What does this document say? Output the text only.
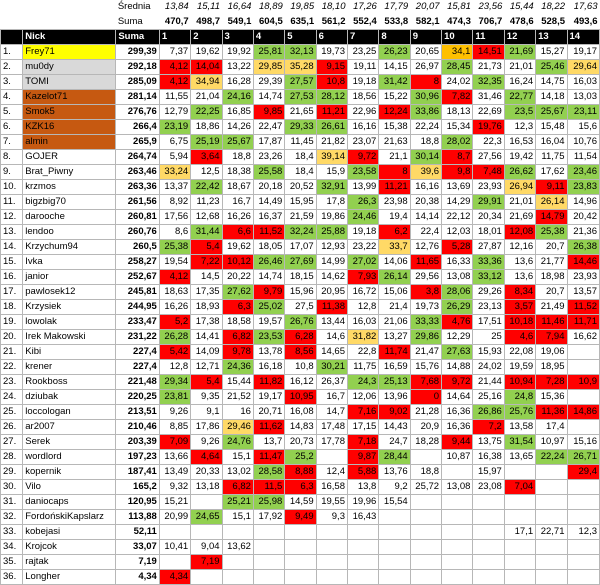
		Średnia	13,84	15,11	16,64	18,89	19,85	18,10	17,26	17,79	20,07	15,81	23,56	15,44	18,22	17,63
		Suma	470,7	498,7	549,1	604,5	635,1	561,2	552,4	533,8	582,1	474,3	706,7	478,6	528,5	493,6
	Nick	Suma	1	2	3	4	5	6	7	8	9	10	11	12	13	14
1.	Frey71	299,39	7,37	19,62	19,92	25,81	32,13	19,73	23,25	26,23	20,65	34,1	14,51	21,69	15,27	19,17
2.	mu0dy	292,18	4,12	14,04	13,22	29,85	35,28	9,15	19,11	14,15	26,97	28,45	21,73	21,01	25,46	29,64
3.	TOMI	285,09	4,12	34,94	16,28	29,39	27,57	10,8	19,18	31,42	8	24,02	32,35	16,24	14,75	16,03
4.	Kazelot71	281,14	11,55	21,04	24,16	14,74	27,53	28,12	18,56	15,22	30,96	7,82	31,46	22,77	14,18	13,03
5.	Smok5	276,76	12,79	22,25	16,85	9,85	21,65	11,21	22,96	12,24	33,86	18,13	22,69	23,5	25,67	23,11
6.	KZK16	266,4	23,19	18,86	14,26	22,47	29,33	26,61	16,16	15,38	22,24	15,34	19,76	12,3	15,48	15,6
7.	almin	265,9	6,75	25,19	25,67	17,87	11,45	21,82	23,07	21,63	18,8	28,02	22,3	16,53	16,04	10,76
8.	GOJER	264,74	5,94	3,64	18,8	23,26	18,4	39,14	9,72	21,1	30,14	8,7	27,56	19,42	11,75	11,54
9.	Brat_Piwny	263,46	33,24	12,5	18,38	25,58	18,4	15,9	23,58	8	39,6	9,8	7,48	26,62	17,62	23,46
10.	krzmos	263,36	13,37	22,42	18,67	20,18	20,52	32,91	13,99	11,21	16,16	13,69	23,93	26,94	9,11	23,83
11.	bigzbig70	261,56	8,92	11,23	16,7	14,49	15,95	17,8	26,3	23,98	20,38	14,29	29,91	21,01	26,14	14,96
12.	darooche	260,81	17,56	12,68	16,26	16,37	21,59	19,86	24,46	19,4	14,14	22,12	20,34	21,69	14,79	20,42
13.	lendoo	260,76	8,6	31,44	6,6	11,52	32,24	25,88	19,18	6,2	22,4	12,03	18,01	12,08	25,38	21,36
14.	Krzychum94	260,5	25,38	5,4	19,62	18,05	17,07	12,93	23,22	33,7	12,76	5,28	27,87	12,16	20,7	26,38
15.	Ivka	258,27	19,54	7,22	10,12	26,46	27,69	14,99	27,02	14,06	11,65	16,33	33,36	13,6	21,77	14,46
16.	janior	252,67	4,12	14,5	20,22	14,74	18,15	14,62	7,93	26,14	29,56	13,08	33,12	13,6	18,98	23,93
17.	pawlosek12	245,81	18,63	17,35	27,62	9,79	15,96	20,95	16,72	15,06	3,8	28,06	29,26	8,34	20,7	13,57
18.	Krzysiek	244,95	16,26	18,93	6,3	25,02	27,5	11,38	12,8	21,4	19,73	26,29	23,13	3,57	21,49	11,52
19.	lowolak	233,47	5,2	17,38	18,58	19,57	26,76	13,44	16,03	21,06	33,33	4,76	17,51	10,18	11,46	11,71
20.	Irek Makowski	231,22	26,28	14,41	6,82	23,53	6,28	14,6	31,82	13,27	29,86	12,29	25	4,6	7,94	16,62
21.	Kibi	227,4	5,42	14,09	9,78	13,78	8,56	14,65	22,8	11,74	21,47	27,63	15,93	22,08	19,06	
22.	krener	227,4	12,8	12,71	24,36	16,18	10,8	30,21	11,75	16,59	15,76	14,88	24,02	19,59	18,95	
23.	Rookboss	221,48	29,34	5,4	15,44	11,82	16,12	26,37	24,3	25,13	7,68	9,72	21,44	10,94	7,28	10,9
24.	dziubak	220,25	23,81	9,35	21,52	19,17	10,95	16,7	12,06	13,96	0	14,64	25,16	24,8	15,36	
25.	loccologan	213,51	9,26	9,1	16	20,71	16,08	14,7	7,16	9,02	21,28	16,36	26,86	25,76	11,36	14,86
26.	ar2007	210,46	8,85	17,86	29,46	11,62	14,83	17,48	17,15	14,43	20,9	16,36	7,2	13,58	17,4	
27.	Serek	203,39	7,09	9,26	24,76	13,7	20,73	17,78	7,18	24,7	18,28	9,44	13,75	31,54	10,97	15,16
28.	wordlord	197,23	13,66	4,64	15,1	11,47	25,2		9,87	28,44		10,87	16,38	13,65	22,24	26,71
29.	kopernik	187,41	13,49	20,33	13,02	28,58	8,88	12,4	5,88	13,76	18,8		15,97			29,4
30.	Vilo	165,2	9,32	13,18	6,82	11,5	6,3	16,58	13,8	9,2	25,72	13,08	23,08	7,04		
31.	daniocaps	120,95	15,21		25,21	25,98	14,59	19,55	19,96	15,54						
32.	FordońskiKapslarz	113,88	20,99	24,65	15,1	17,92	9,49	9,3	16,43							
33.	kobejasi	52,11												17,1	22,71	12,3
34.	Krojcok	33,07	10,41	9,04	13,62											
35.	rajtak	7,19		7,19												
36.	Longher	4,34	4,34													
